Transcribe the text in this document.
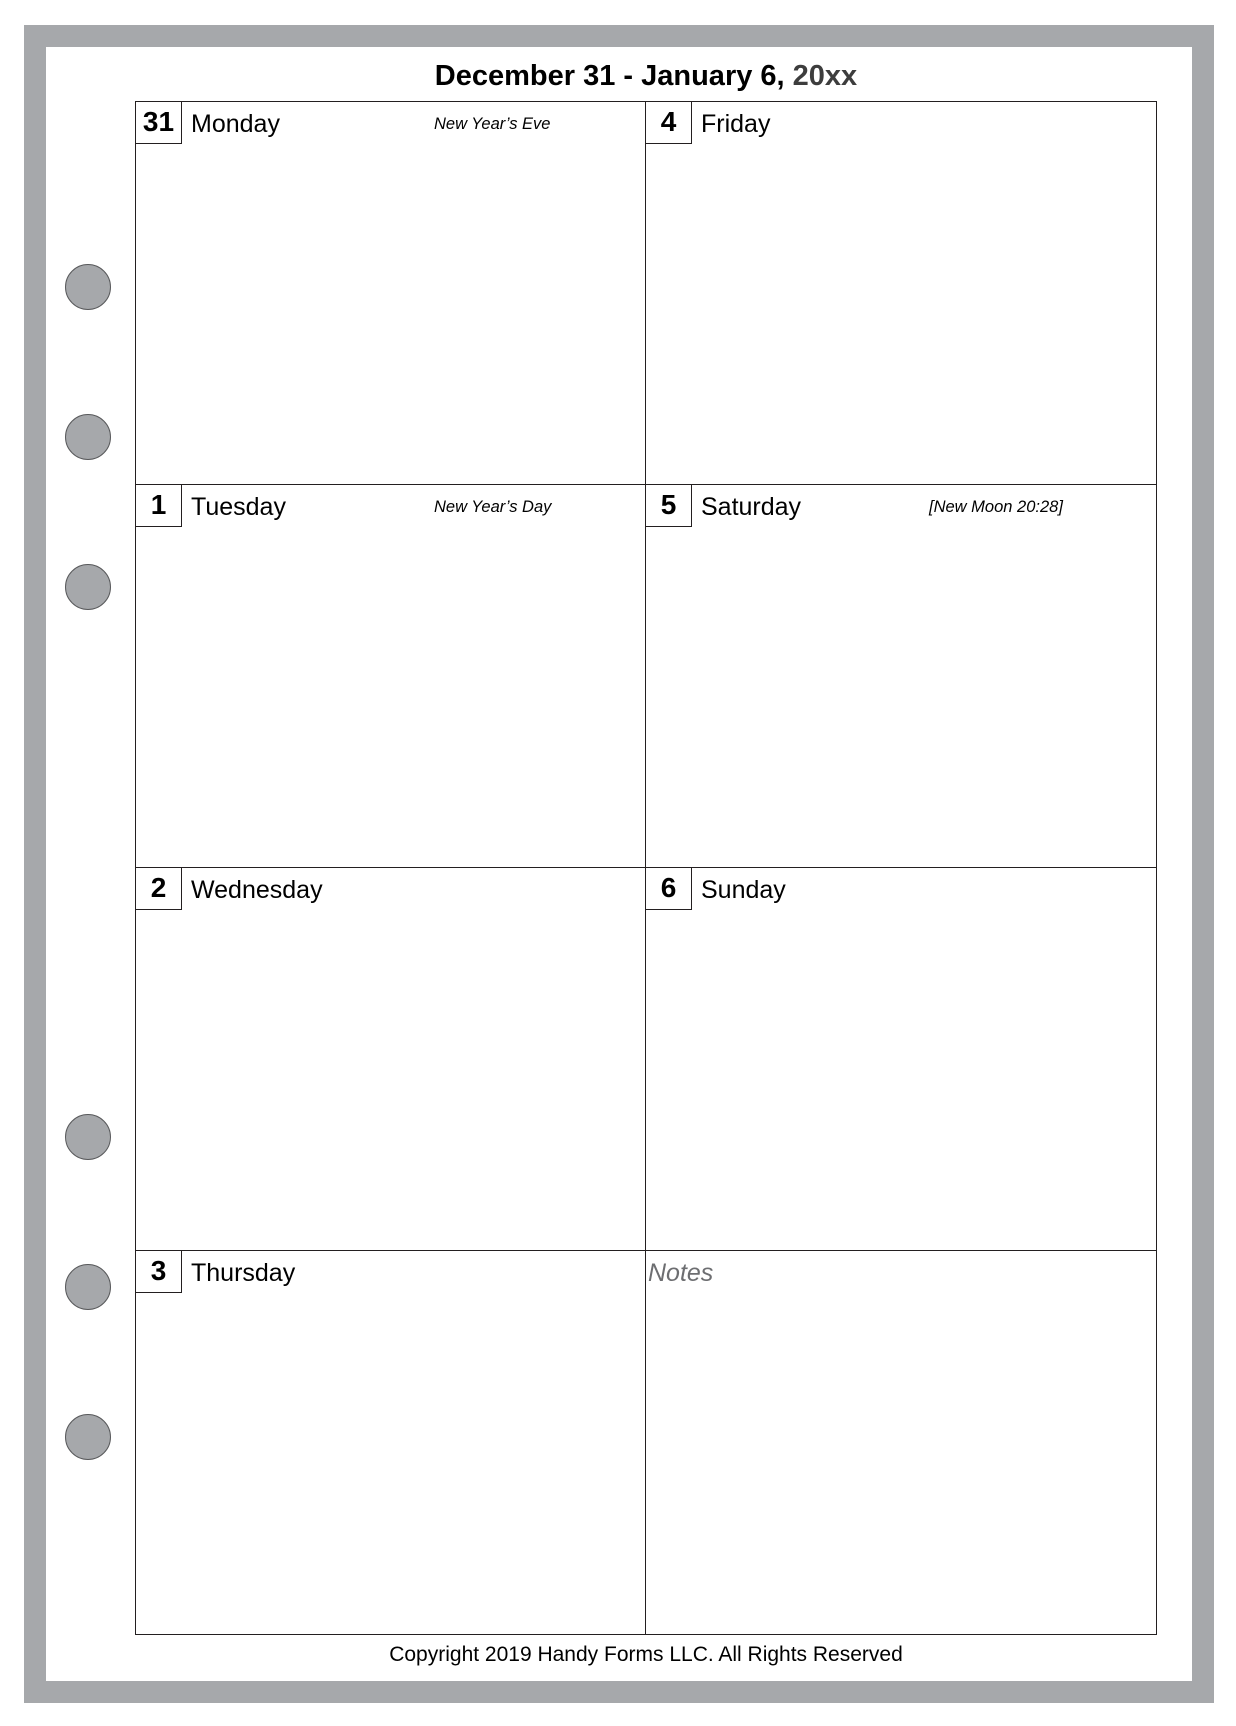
December 31 - January 6, 20xx
31 Monday	New Year’s Eve	4 Friday
1 Tuesday	New Year’s Day	5 Saturday	[New Moon 20:28]
2 Wednesday	6 Sunday
3 Thursday	Notes
Copyright 2019 Handy Forms LLC. All Rights Reserved
